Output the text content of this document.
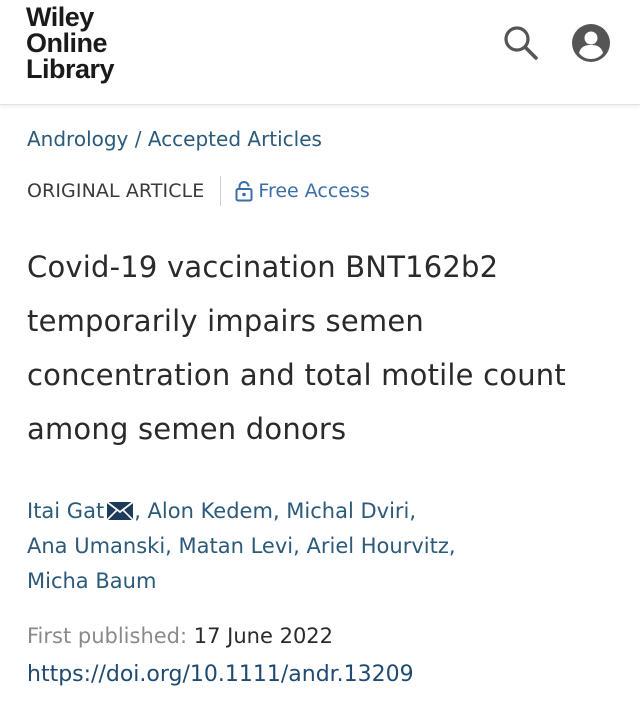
Wiley
Online
Library
Andrology / Accepted Articles
ORIGINAL ARTICLE	Free Access
Covid-19 vaccination BNT162b2 temporarily impairs semen concentration and total motile count among semen donors
Itai Gat , Alon Kedem, Michal Dviri,
Ana Umanski, Matan Levi, Ariel Hourvitz,
Micha Baum
First published: 17 June 2022
https://doi.org/10.1111/andr.13209
